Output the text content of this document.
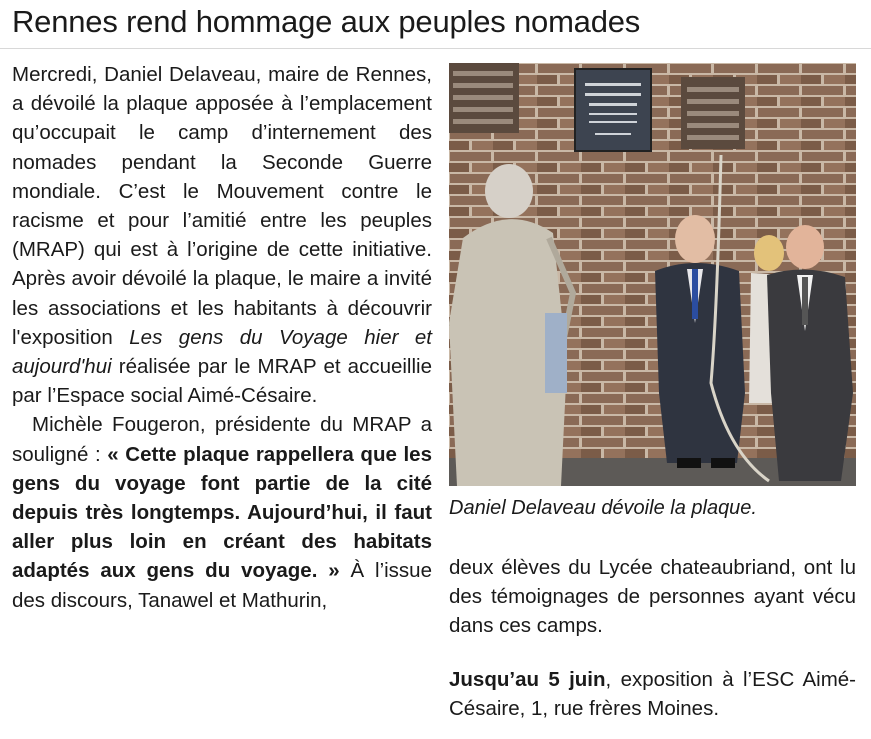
Rennes rend hommage aux peuples nomades

Mercredi, Daniel Delaveau, maire de Rennes, a dévoilé la plaque apposée à l’emplacement qu’occupait le camp d’internement des nomades pendant la Seconde Guerre mondiale. C’est le Mouvement contre le racisme et pour l’amitié entre les peuples (MRAP) qui est à l’origine de cette initiative. Après avoir dévoilé la plaque, le maire a invité les associations et les habitants à découvrir l'exposition Les gens du Voyage hier et aujourd'hui réalisée par le MRAP et accueillie par l’Espace social Aimé-Césaire.

Michèle Fougeron, présidente du MRAP a souligné : « Cette plaque rappellera que les gens du voyage font partie de la cité depuis très longtemps. Aujourd’hui, il faut aller plus loin en créant des habitats adaptés aux gens du voyage. » À l’issue des discours, Tanawel et Mathurin,

Daniel Delaveau dévoile la plaque.

deux élèves du Lycée chateaubriand, ont lu des témoignages de personnes ayant vécu dans ces camps.

Jusqu’au 5 juin, exposition à l’ESC Aimé-Césaire, 1, rue frères Moines.
